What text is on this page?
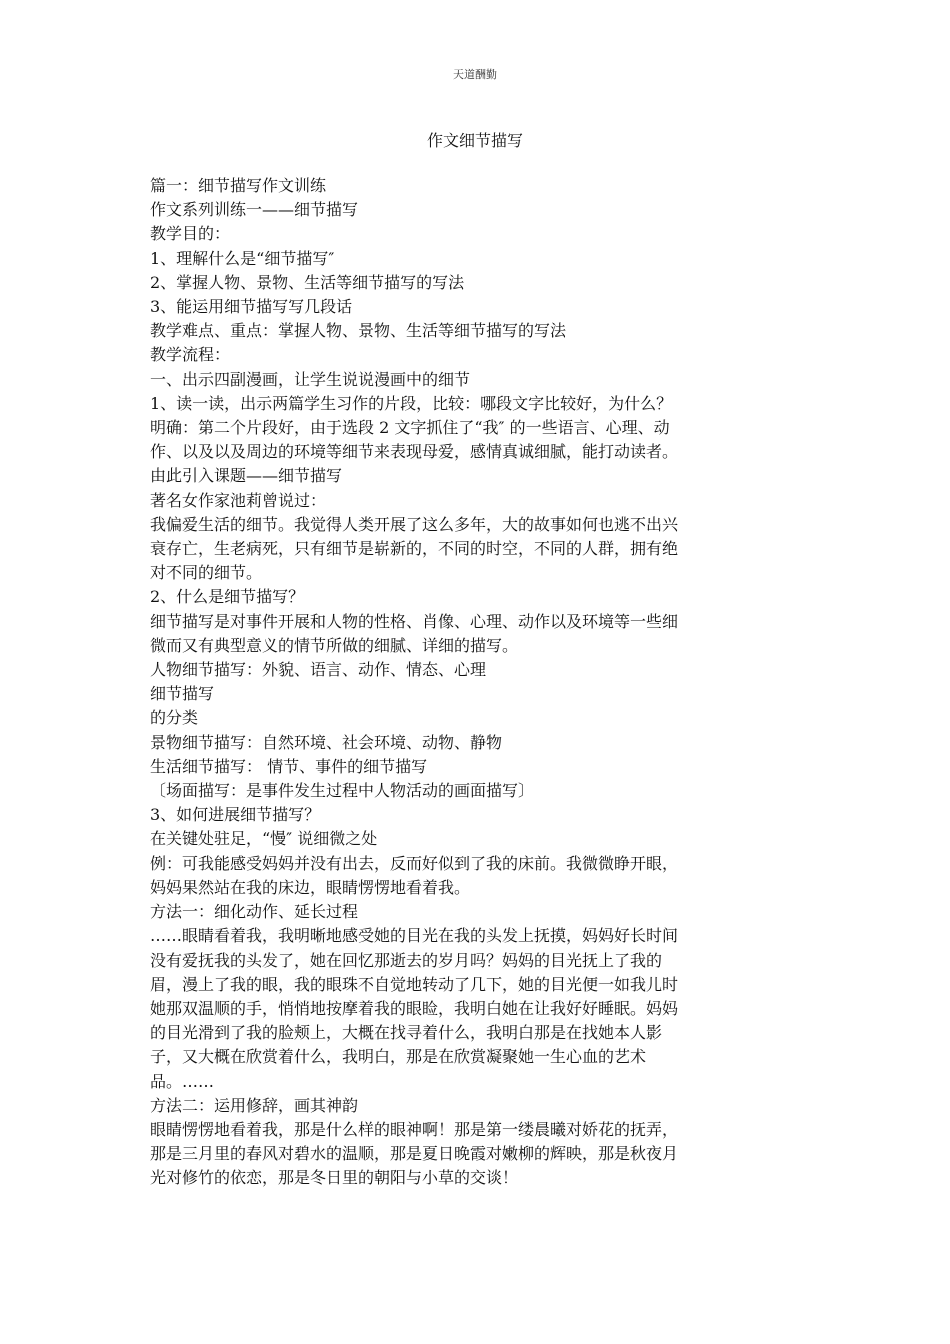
天道酬勤
作文细节描写

篇一：细节描写作文训练

作文系列训练一——细节描写

教学目的：

1、理解什么是“细节描写″

2、掌握人物、景物、生活等细节描写的写法

3、能运用细节描写写几段话

教学难点、重点：掌握人物、景物、生活等细节描写的写法

教学流程：

一、出示四副漫画，让学生说说漫画中的细节

1、读一读，出示两篇学生习作的片段，比较：哪段文字比较好，为什么？

明确：第二个片段好，由于选段 2 文字抓住了“我″ 的一些语言、心理、动

作、以及以及周边的环境等细节来表现母爱，感情真诚细腻，能打动读者。

由此引入课题——细节描写

著名女作家池莉曾说过：

我偏爱生活的细节。我觉得人类开展了这么多年，大的故事如何也逃不出兴

衰存亡，生老病死，只有细节是崭新的，不同的时空，不同的人群，拥有绝

对不同的细节。

2、什么是细节描写？

细节描写是对事件开展和人物的性格、肖像、心理、动作以及环境等一些细

微而又有典型意义的情节所做的细腻、详细的描写。

人物细节描写：外貌、语言、动作、情态、心理

细节描写

的分类

景物细节描写：自然环境、社会环境、动物、静物

生活细节描写： 情节、事件的细节描写

〔场面描写：是事件发生过程中人物活动的画面描写〕

3、如何进展细节描写？

在关键处驻足，“慢″ 说细微之处

例：可我能感受妈妈并没有出去，反而好似到了我的床前。我微微睁开眼，

妈妈果然站在我的床边，眼睛愣愣地看着我。

方法一：细化动作、延长过程

……眼睛看着我，我明晰地感受她的目光在我的头发上抚摸，妈妈好长时间

没有爱抚我的头发了，她在回忆那逝去的岁月吗？妈妈的目光抚上了我的

眉，漫上了我的眼，我的眼珠不自觉地转动了几下，她的目光便一如我儿时

她那双温顺的手，悄悄地按摩着我的眼睑，我明白她在让我好好睡眠。妈妈

的目光滑到了我的脸颊上，大概在找寻着什么，我明白那是在找她本人影

子，又大概在欣赏着什么，我明白，那是在欣赏凝聚她一生心血的艺术

品。……

方法二：运用修辞，画其神韵

眼睛愣愣地看着我，那是什么样的眼神啊！那是第一缕晨曦对娇花的抚弄，

那是三月里的春风对碧水的温顺，那是夏日晚霞对嫩柳的辉映，那是秋夜月

光对修竹的依恋，那是冬日里的朝阳与小草的交谈！
